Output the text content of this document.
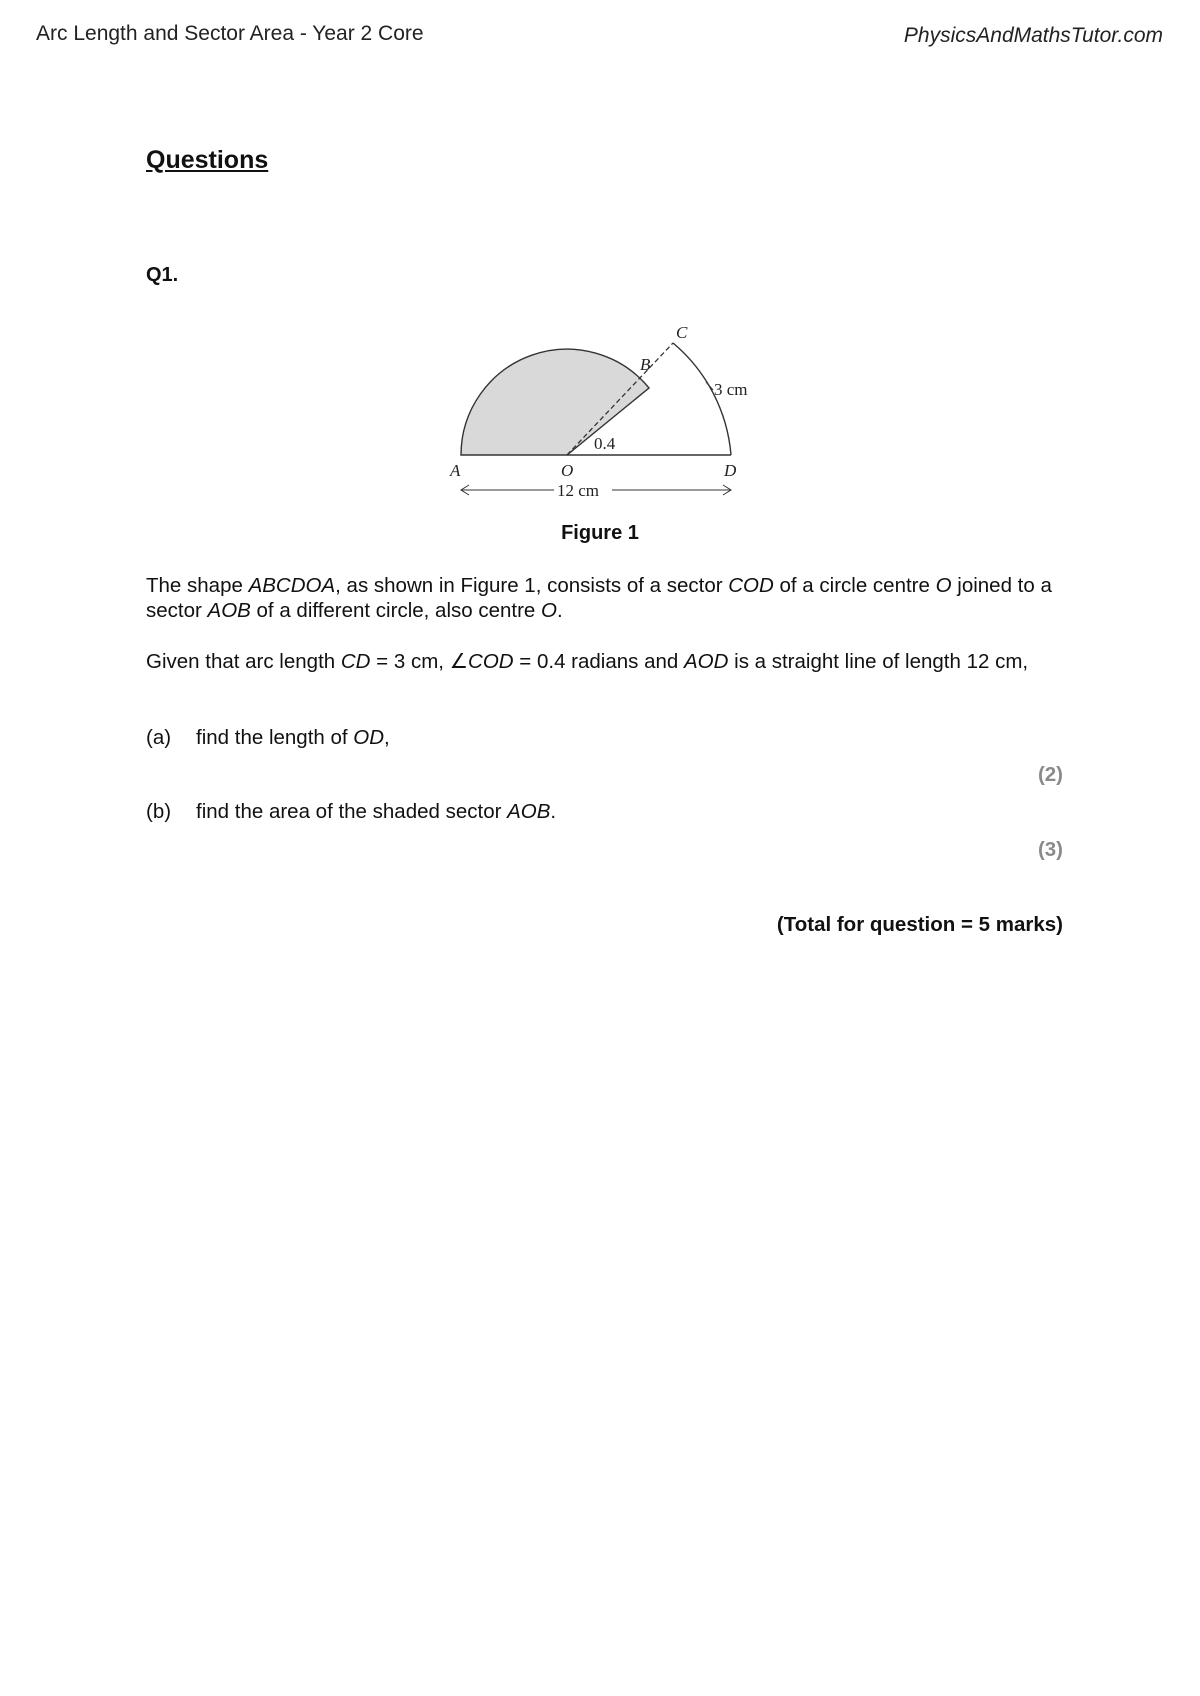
Arc Length and Sector Area - Year 2 Core	PhysicsAndMathsTutor.com
Questions
Q1.
A	O	D
B
C
3 cm
0.4
12 cm
Figure 1
The shape ABCDOA, as shown in Figure 1, consists of a sector COD of a circle centre O joined to a sector AOB of a different circle, also centre O.
Given that arc length CD = 3 cm, ∠COD = 0.4 radians and AOD is a straight line of length 12 cm,
(a) find the length of OD,
(2)
(b) find the area of the shaded sector AOB.
(3)
(Total for question = 5 marks)
